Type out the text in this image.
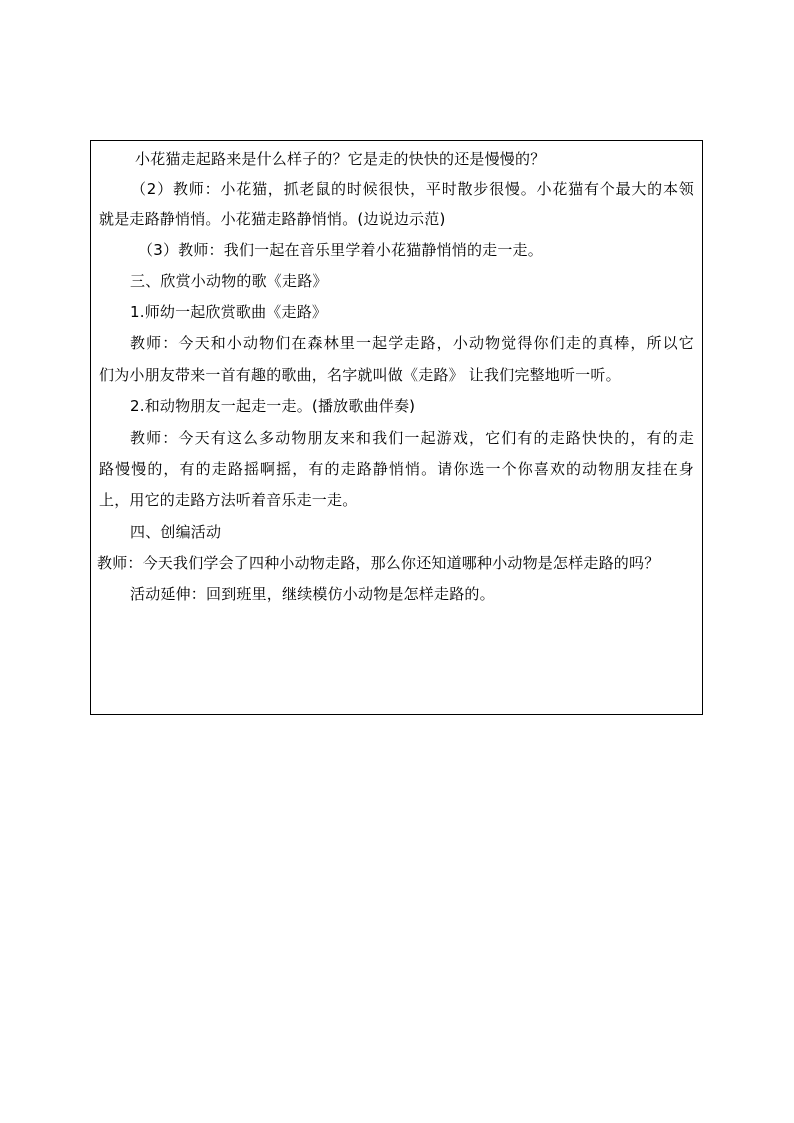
小花猫走起路来是什么样子的？它是走的快快的还是慢慢的？
（2）教师：小花猫，抓老鼠的时候很快，平时散步很慢。小花猫有个最大的本领
就是走路静悄悄。小花猫走路静悄悄。(边说边示范)
（3）教师：我们一起在音乐里学着小花猫静悄悄的走一走。
三、欣赏小动物的歌《走路》
1.师幼一起欣赏歌曲《走路》
教师：今天和小动物们在森林里一起学走路，小动物觉得你们走的真棒，所以它
们为小朋友带来一首有趣的歌曲，名字就叫做《走路》 让我们完整地听一听。
2.和动物朋友一起走一走。(播放歌曲伴奏)
教师：今天有这么多动物朋友来和我们一起游戏，它们有的走路快快的，有的走
路慢慢的，有的走路摇啊摇，有的走路静悄悄。请你选一个你喜欢的动物朋友挂在身
上，用它的走路方法听着音乐走一走。
四、创编活动
教师：今天我们学会了四种小动物走路，那么你还知道哪种小动物是怎样走路的吗？
活动延伸：回到班里，继续模仿小动物是怎样走路的。
